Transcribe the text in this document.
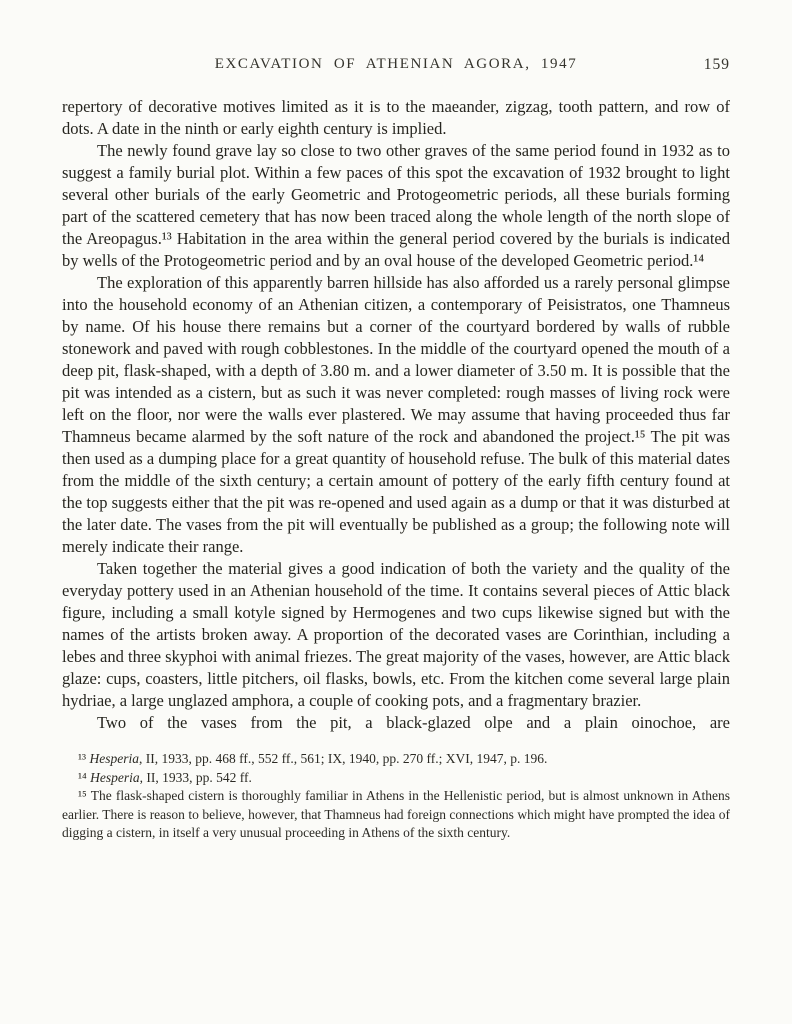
EXCAVATION OF ATHENIAN AGORA, 1947	159

repertory of decorative motives limited as it is to the maeander, zigzag, tooth pattern, and row of dots. A date in the ninth or early eighth century is implied.

The newly found grave lay so close to two other graves of the same period found in 1932 as to suggest a family burial plot. Within a few paces of this spot the excavation of 1932 brought to light several other burials of the early Geometric and Protogeometric periods, all these burials forming part of the scattered cemetery that has now been traced along the whole length of the north slope of the Areopagus.¹³ Habitation in the area within the general period covered by the burials is indicated by wells of the Protogeometric period and by an oval house of the developed Geometric period.¹⁴

The exploration of this apparently barren hillside has also afforded us a rarely personal glimpse into the household economy of an Athenian citizen, a contemporary of Peisistratos, one Thamneus by name. Of his house there remains but a corner of the courtyard bordered by walls of rubble stonework and paved with rough cobblestones. In the middle of the courtyard opened the mouth of a deep pit, flask-shaped, with a depth of 3.80 m. and a lower diameter of 3.50 m. It is possible that the pit was intended as a cistern, but as such it was never completed: rough masses of living rock were left on the floor, nor were the walls ever plastered. We may assume that having proceeded thus far Thamneus became alarmed by the soft nature of the rock and abandoned the project.¹⁵ The pit was then used as a dumping place for a great quantity of household refuse. The bulk of this material dates from the middle of the sixth century; a certain amount of pottery of the early fifth century found at the top suggests either that the pit was re-opened and used again as a dump or that it was disturbed at the later date. The vases from the pit will eventually be published as a group; the following note will merely indicate their range.

Taken together the material gives a good indication of both the variety and the quality of the everyday pottery used in an Athenian household of the time. It contains several pieces of Attic black figure, including a small kotyle signed by Hermogenes and two cups likewise signed but with the names of the artists broken away. A proportion of the decorated vases are Corinthian, including a lebes and three skyphoi with animal friezes. The great majority of the vases, however, are Attic black glaze: cups, coasters, little pitchers, oil flasks, bowls, etc. From the kitchen come several large plain hydriae, a large unglazed amphora, a couple of cooking pots, and a fragmentary brazier.

Two of the vases from the pit, a black-glazed olpe and a plain oinochoe, are

¹³ Hesperia, II, 1933, pp. 468 ff., 552 ff., 561; IX, 1940, pp. 270 ff.; XVI, 1947, p. 196.

¹⁴ Hesperia, II, 1933, pp. 542 ff.

¹⁵ The flask-shaped cistern is thoroughly familiar in Athens in the Hellenistic period, but is almost unknown in Athens earlier. There is reason to believe, however, that Thamneus had foreign connections which might have prompted the idea of digging a cistern, in itself a very unusual proceeding in Athens of the sixth century.
